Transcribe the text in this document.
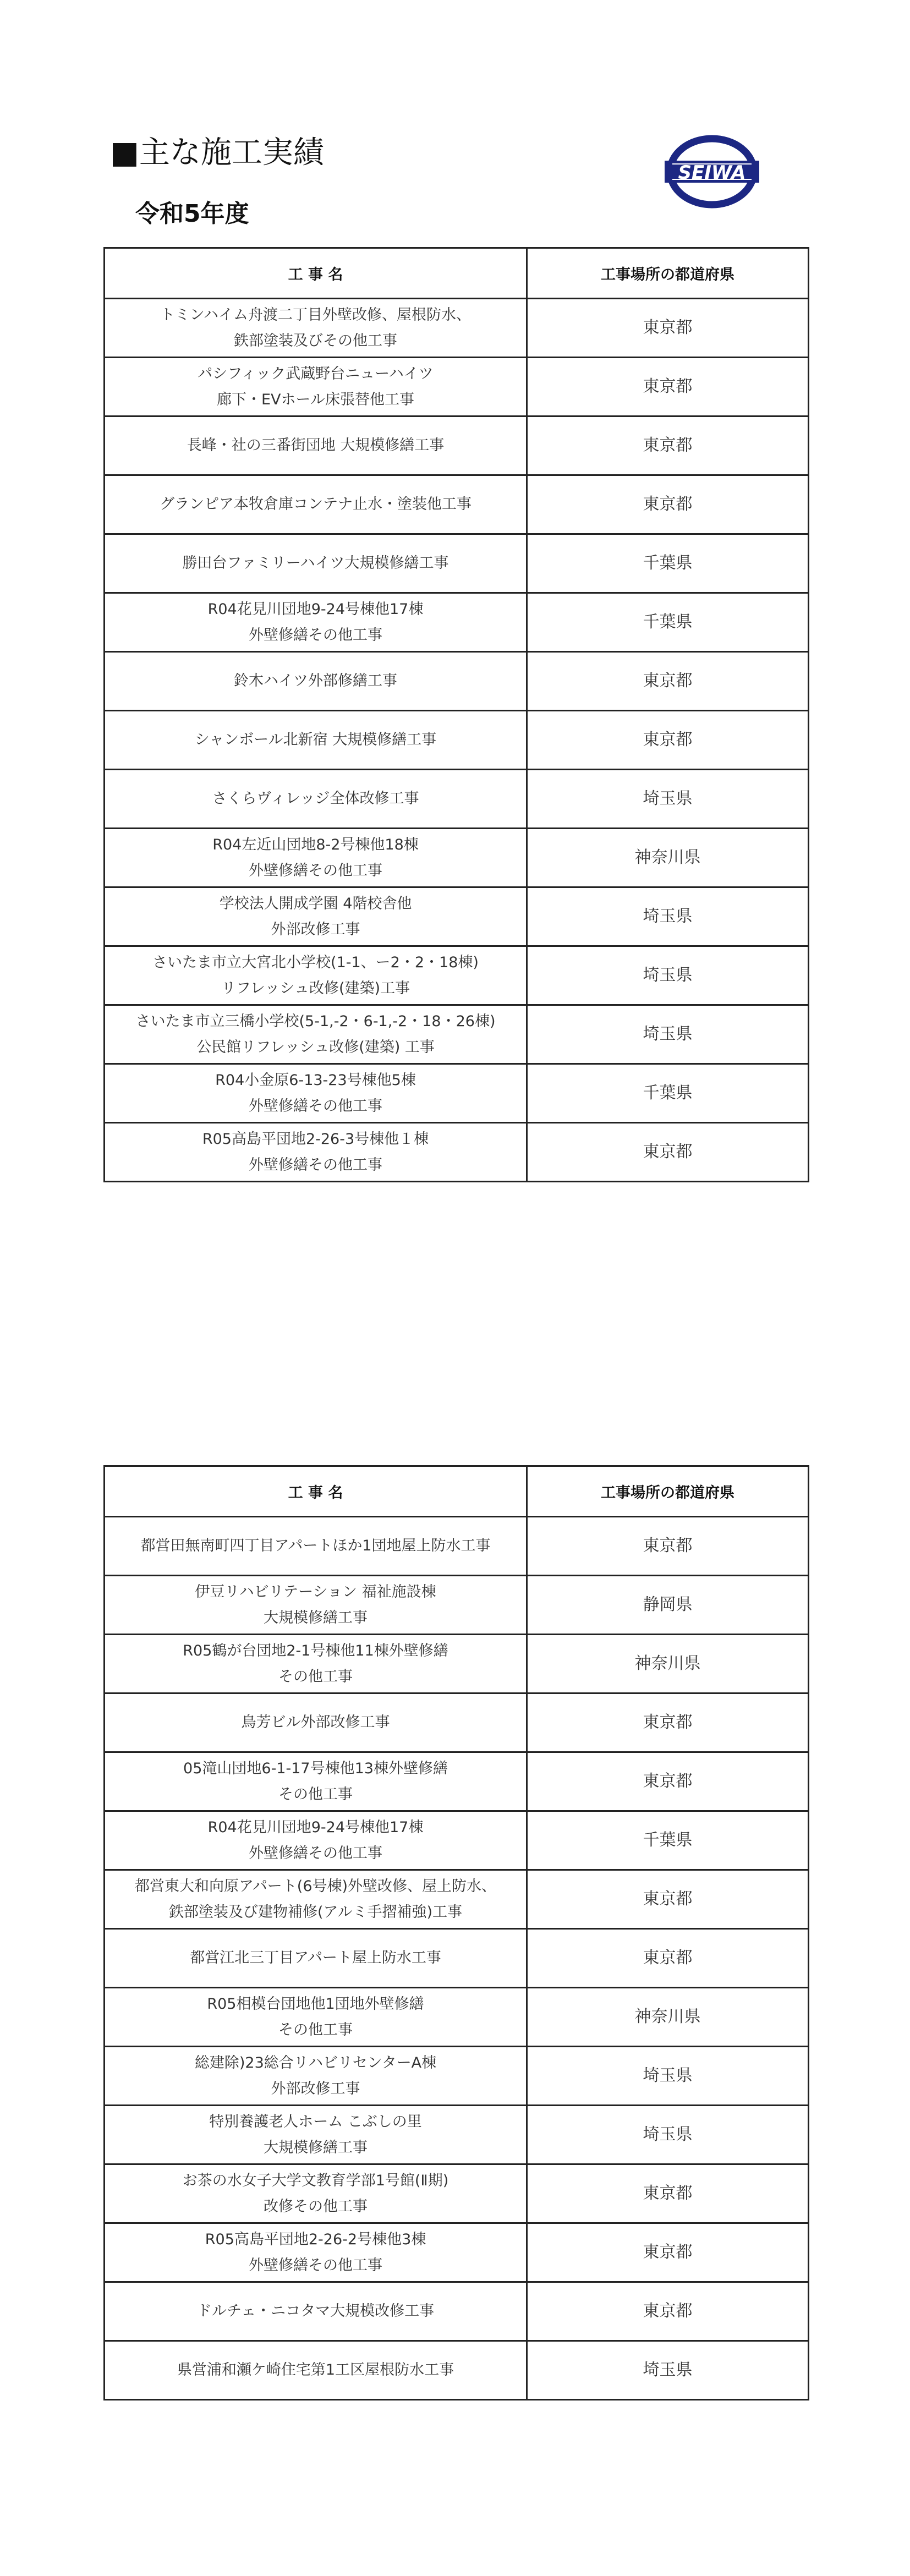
■主な施工実績
令和5年度
SEIWA
工 事 名	工事場所の都道府県

トミンハイム舟渡二丁目外壁改修、屋根防水、
鉄部塗装及びその他工事	東京都

パシフィック武蔵野台ニューハイツ
廊下・EVホール床張替他工事	東京都

長峰・社の三番街団地 大規模修繕工事	東京都

グランピア本牧倉庫コンテナ止水・塗装他工事	東京都

勝田台ファミリーハイツ大規模修繕工事	千葉県

R04花見川団地9-24号棟他17棟
外壁修繕その他工事	千葉県

鈴木ハイツ外部修繕工事	東京都

シャンボール北新宿 大規模修繕工事	東京都

さくらヴィレッジ全体改修工事	埼玉県

R04左近山団地8-2号棟他18棟
外壁修繕その他工事	神奈川県

学校法人開成学園 4階校舎他
外部改修工事	埼玉県

さいたま市立大宮北小学校(1-1、ー2・2・18棟)
リフレッシュ改修(建築)工事	埼玉県

さいたま市立三橋小学校(5-1,-2・6-1,-2・18・26棟)
公民館リフレッシュ改修(建築) 工事	埼玉県

R04小金原6-13-23号棟他5棟
外壁修繕その他工事	千葉県

R05高島平団地2-26-3号棟他１棟
外壁修繕その他工事	東京都
工 事 名	工事場所の都道府県

都営田無南町四丁目アパートほか1団地屋上防水工事	東京都

伊豆リハビリテーション 福祉施設棟
大規模修繕工事	静岡県

R05鶴が台団地2-1号棟他11棟外壁修繕
その他工事	神奈川県

鳥芳ビル外部改修工事	東京都

05滝山団地6-1-17号棟他13棟外壁修繕
その他工事	東京都

R04花見川団地9-24号棟他17棟
外壁修繕その他工事	千葉県

都営東大和向原アパート(6号棟)外壁改修、屋上防水、
鉄部塗装及び建物補修(アルミ手摺補強)工事	東京都

都営江北三丁目アパート屋上防水工事	東京都

R05相模台団地他1団地外壁修繕
その他工事	神奈川県

総建除)23総合リハビリセンターA棟
外部改修工事	埼玉県

特別養護老人ホーム こぶしの里
大規模修繕工事	埼玉県

お茶の水女子大学文教育学部1号館(Ⅱ期)
改修その他工事	東京都

R05高島平団地2-26-2号棟他3棟
外壁修繕その他工事	東京都

ドルチェ・ニコタマ大規模改修工事	東京都

県営浦和瀬ケ崎住宅第1工区屋根防水工事	埼玉県
